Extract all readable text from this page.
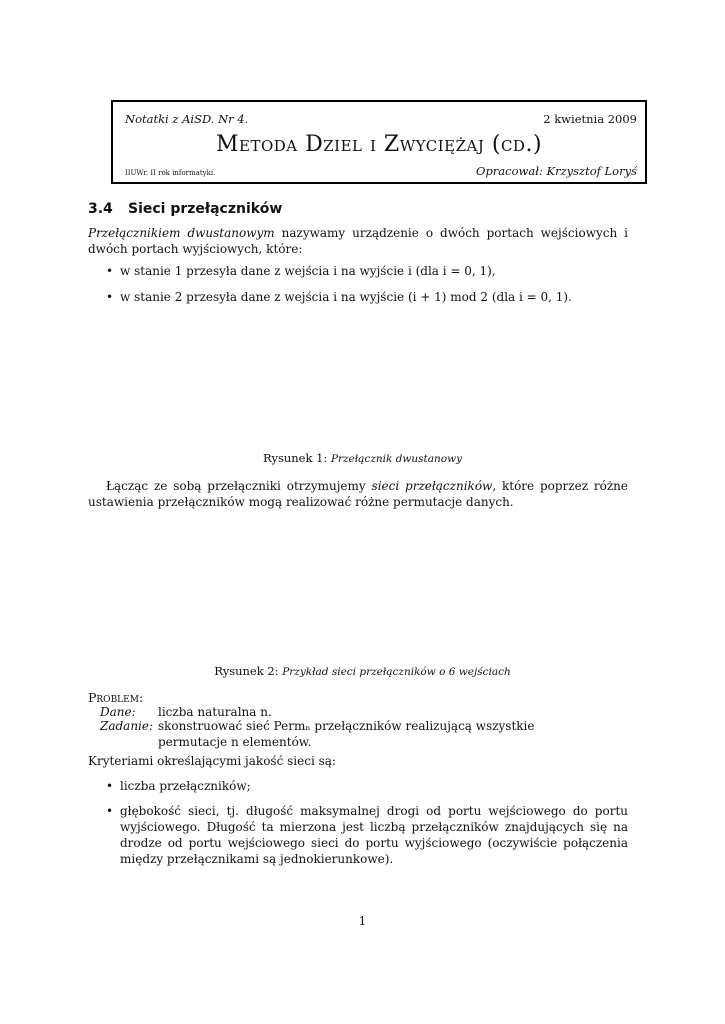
Notatki z AiSD. Nr 4.	2 kwietnia 2009
Metoda Dziel i Zwyciężaj (cd.)
IIUWr. II rok informatyki.	Opracował: Krzysztof Loryś
3.4 Sieci przełączników
Przełącznikiem dwustanowym nazywamy urządzenie o dwóch portach wejściowych i dwóch portach wyjściowych, które:
• w stanie 1 przesyła dane z wejścia i na wyjście i (dla i = 0, 1),
• w stanie 2 przesyła dane z wejścia i na wyjście (i + 1) mod 2 (dla i = 0, 1).
Rysunek 1: Przełącznik dwustanowy
Łącząc ze sobą przełączniki otrzymujemy sieci przełączników, które poprzez różne ustawienia przełączników mogą realizować różne permutacje danych.
Rysunek 2: Przykład sieci przełączników o 6 wejściach
Problem:
Dane: liczba naturalna n.
Zadanie: skonstruować sieć Permₙ przełączników realizującą wszystkie permutacje n elementów.
Kryteriami określającymi jakość sieci są:
• liczba przełączników;
• głębokość sieci, tj. długość maksymalnej drogi od portu wejściowego do portu wyjściowego. Długość ta mierzona jest liczbą przełączników znajdujących się na drodze od portu wejściowego sieci do portu wyjściowego (oczywiście połączenia między przełącznikami są jednokierunkowe).
1
